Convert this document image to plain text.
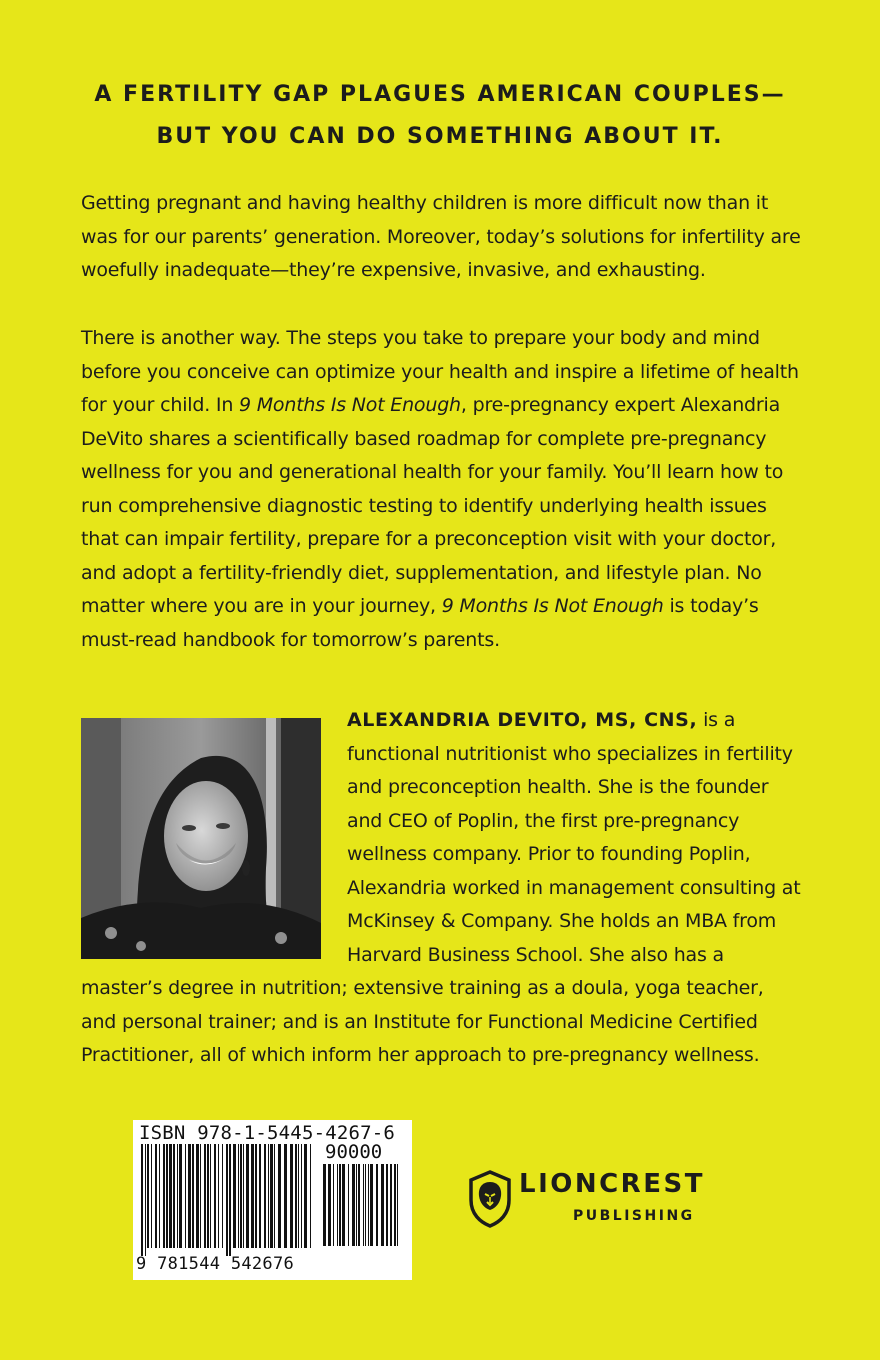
A FERTILITY GAP PLAGUES AMERICAN COUPLES—
BUT YOU CAN DO SOMETHING ABOUT IT.

Getting pregnant and having healthy children is more difficult now than it was for our parents’ generation. Moreover, today’s solutions for infertility are woefully inadequate—they’re expensive, invasive, and exhausting.

There is another way. The steps you take to prepare your body and mind before you conceive can optimize your health and inspire a lifetime of health for your child. In 9 Months Is Not Enough, pre-pregnancy expert Alexandria DeVito shares a scientifically based roadmap for complete pre-pregnancy wellness for you and generational health for your family. You’ll learn how to run comprehensive diagnostic testing to identify underlying health issues that can impair fertility, prepare for a preconception visit with your doctor, and adopt a fertility-friendly diet, supplementation, and lifestyle plan. No matter where you are in your journey, 9 Months Is Not Enough is today’s must-read handbook for tomorrow’s parents.

ALEXANDRIA DEVITO, MS, CNS, is a functional nutritionist who specializes in fertility and preconception health. She is the founder and CEO of Poplin, the first pre-pregnancy wellness company. Prior to founding Poplin, Alexandria worked in management consulting at McKinsey & Company. She holds an MBA from Harvard Business School. She also has a master’s degree in nutrition; extensive training as a doula, yoga teacher, and personal trainer; and is an Institute for Functional Medicine Certified Practitioner, all of which inform her approach to pre-pregnancy wellness.

ISBN 978-1-5445-4267-6
90000
9 781544 542676
LIONCREST
PUBLISHING
